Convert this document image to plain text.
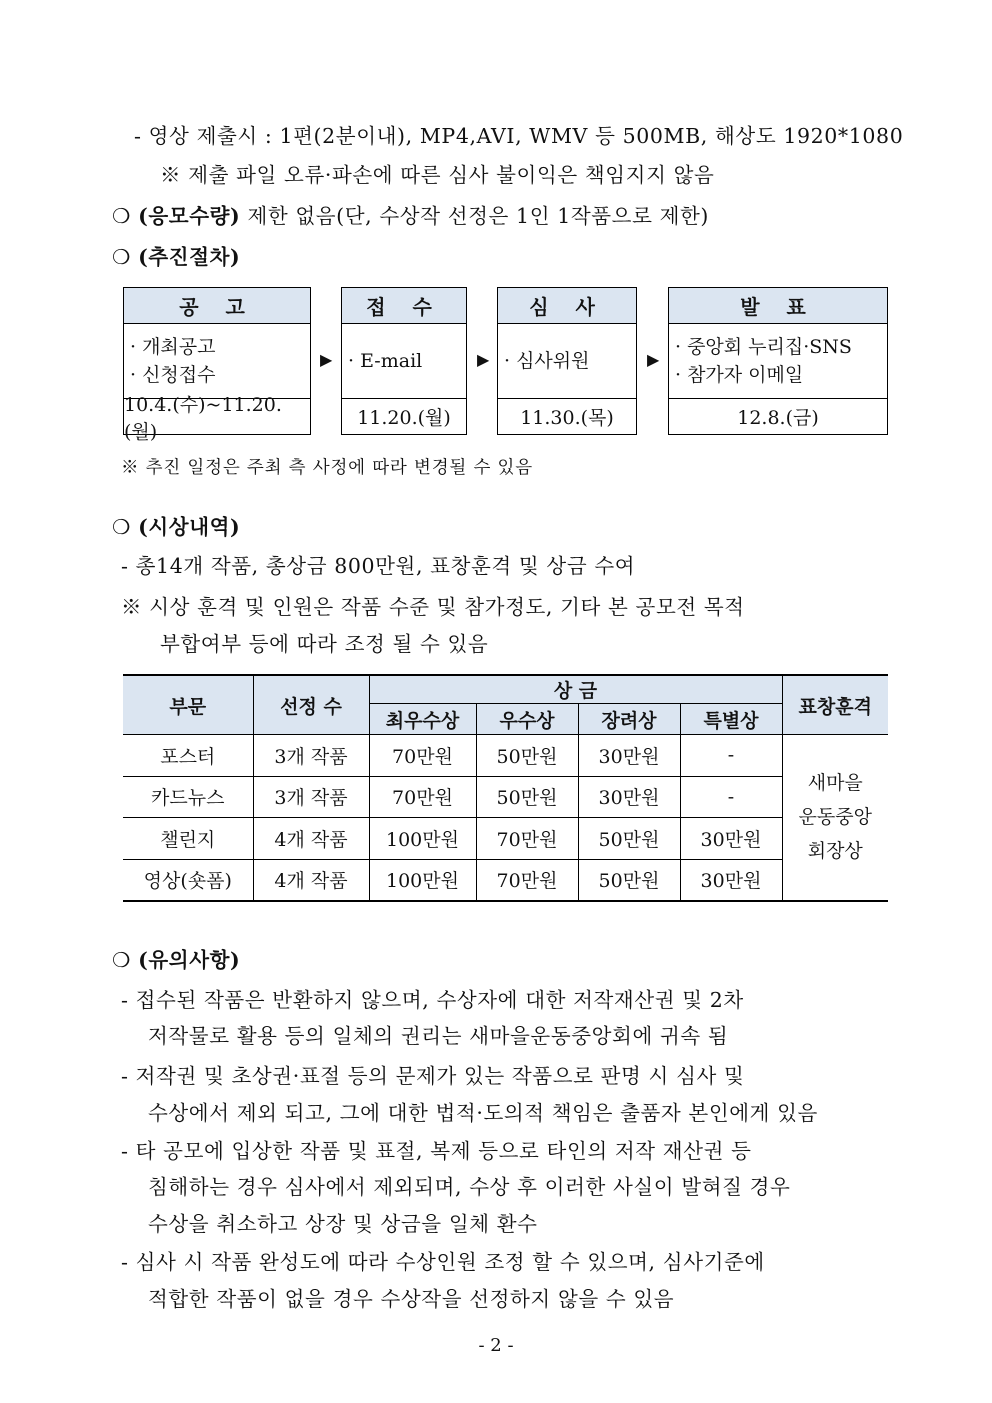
- 영상 제출시 : 1편(2분이내), MP4,AVI, WMV 등 500MB, 해상도 1920*1080
※ 제출 파일 오류·파손에 따른 심사 불이익은 책임지지 않음
❍ (응모수량) 제한 없음(단, 수상작 선정은 1인 1작품으로 제한)
❍ (추진절차)
공 고
· 개최공고
· 신청접수
10.4.(수)~11.20.(월)
▶
접 수
· E-mail
11.20.(월)
▶
심 사
· 심사위원
11.30.(목)
▶
발 표
· 중앙회 누리집·SNS
· 참가자 이메일
12.8.(금)
※ 추진 일정은 주최 측 사정에 따라 변경될 수 있음
❍ (시상내역)
- 총14개 작품, 총상금 800만원, 표창훈격 및 상금 수여
※ 시상 훈격 및 인원은 작품 수준 및 참가정도, 기타 본 공모전 목적
부합여부 등에 따라 조정 될 수 있음
부문	선정 수	상 금				표창훈격
		최우수상	우수상	장려상	특별상	
포스터	3개 작품	70만원	50만원	30만원	-	새마을
운동중앙
회장상

카드뉴스	3개 작품	70만원	50만원	30만원	-	
챌린지	4개 작품	100만원	70만원	50만원	30만원	
영상(숏폼)	4개 작품	100만원	70만원	50만원	30만원	
❍ (유의사항)
- 접수된 작품은 반환하지 않으며, 수상자에 대한 저작재산권 및 2차
저작물로 활용 등의 일체의 권리는 새마을운동중앙회에 귀속 됨
- 저작권 및 초상권·표절 등의 문제가 있는 작품으로 판명 시 심사 및
수상에서 제외 되고, 그에 대한 법적·도의적 책임은 출품자 본인에게 있음
- 타 공모에 입상한 작품 및 표절, 복제 등으로 타인의 저작 재산권 등
침해하는 경우 심사에서 제외되며, 수상 후 이러한 사실이 발혀질 경우
수상을 취소하고 상장 및 상금을 일체 환수
- 심사 시 작품 완성도에 따라 수상인원 조정 할 수 있으며, 심사기준에
적합한 작품이 없을 경우 수상작을 선정하지 않을 수 있음
- 2 -
